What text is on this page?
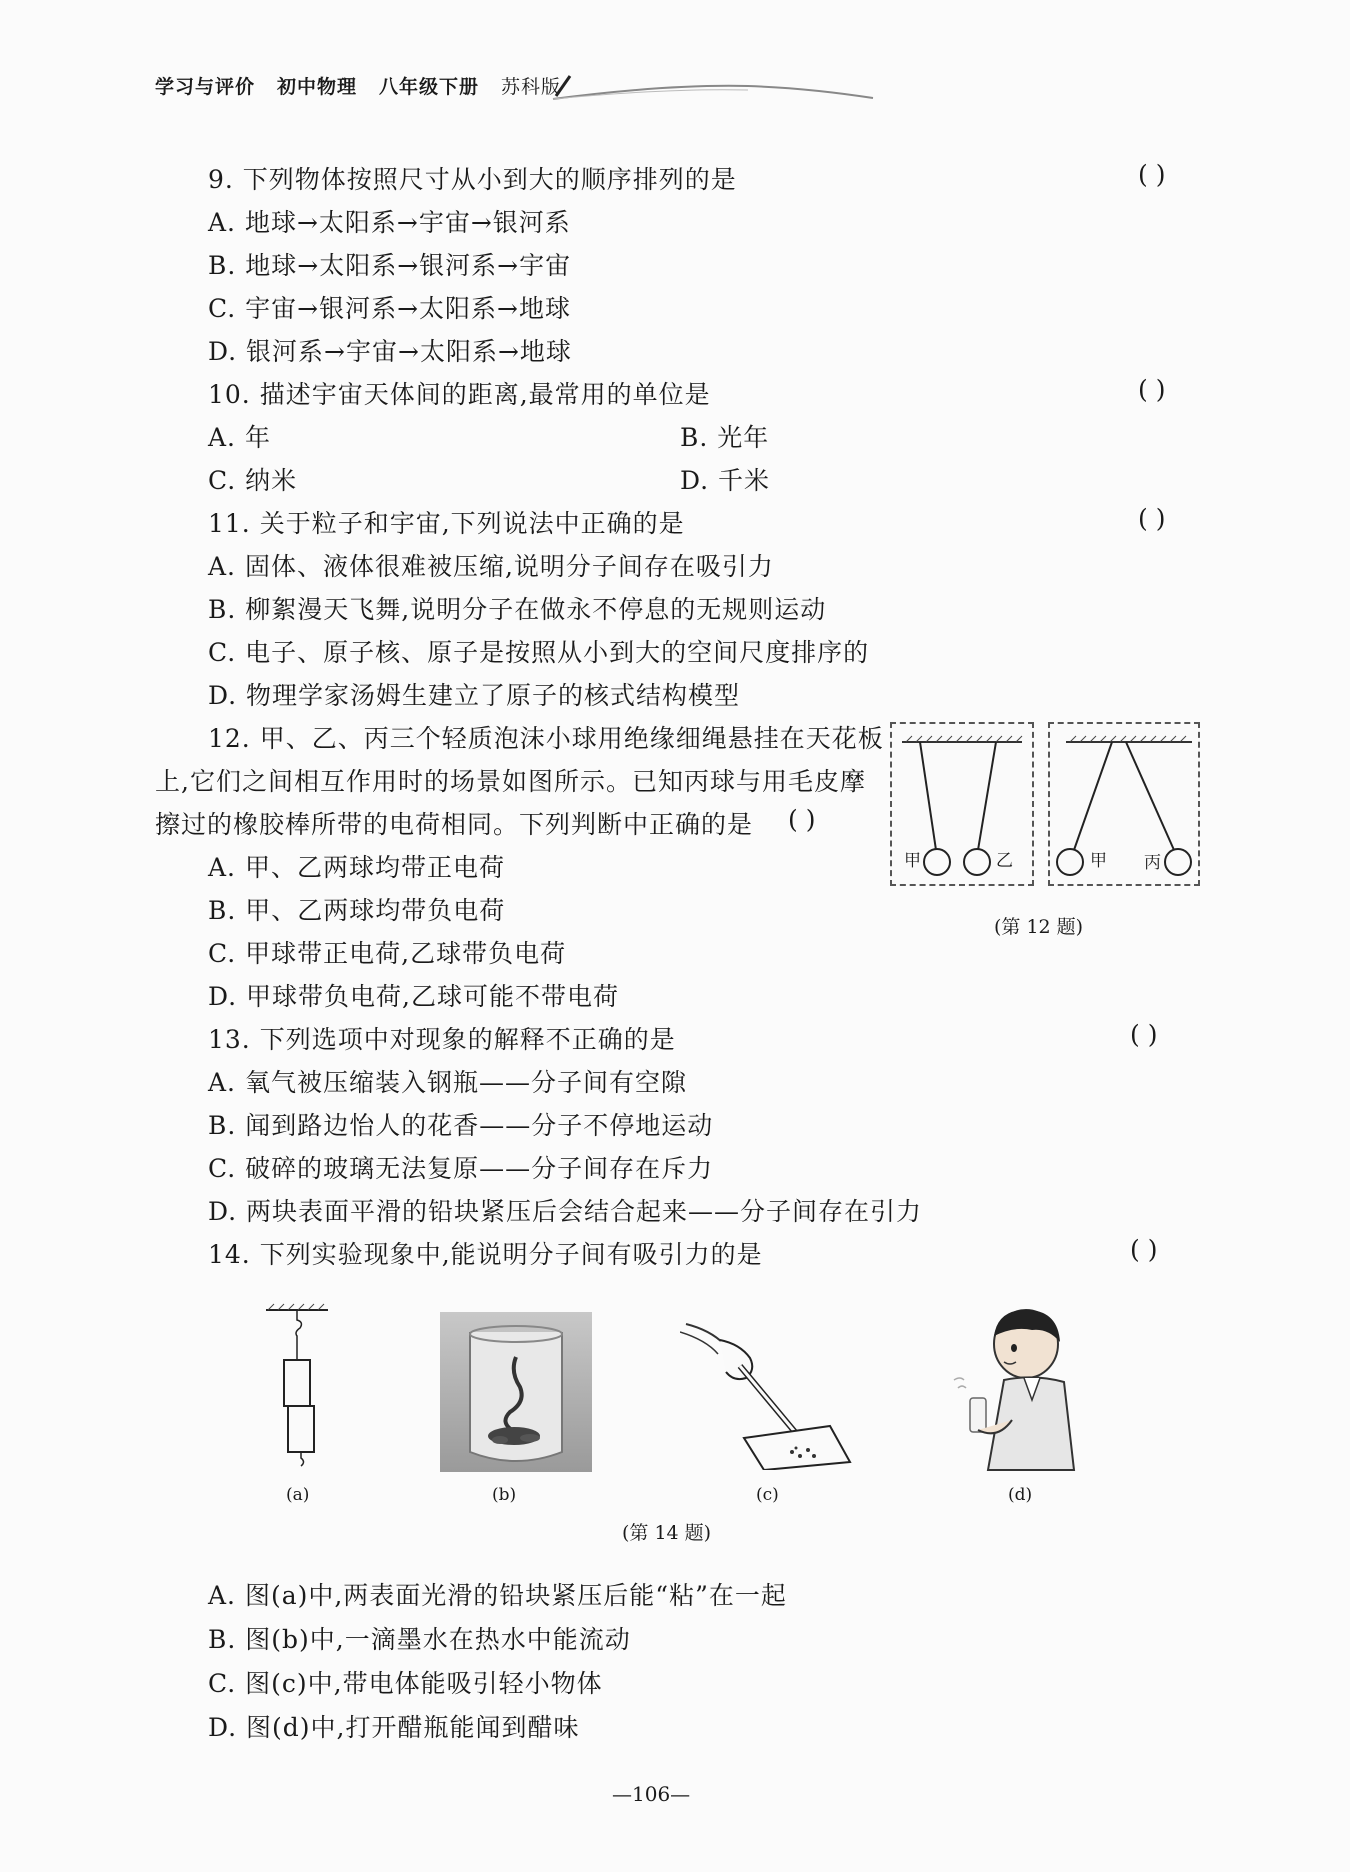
学习与评价 初中物理 八年级下册 苏科版
9. 下列物体按照尺寸从小到大的顺序排列的是	( )
A. 地球→太阳系→宇宙→银河系
B. 地球→太阳系→银河系→宇宙
C. 宇宙→银河系→太阳系→地球
D. 银河系→宇宙→太阳系→地球
10. 描述宇宙天体间的距离,最常用的单位是	( )
A. 年	B. 光年
C. 纳米	D. 千米
11. 关于粒子和宇宙,下列说法中正确的是	( )
A. 固体、液体很难被压缩,说明分子间存在吸引力
B. 柳絮漫天飞舞,说明分子在做永不停息的无规则运动
C. 电子、原子核、原子是按照从小到大的空间尺度排序的
D. 物理学家汤姆生建立了原子的核式结构模型
12. 甲、乙、丙三个轻质泡沫小球用绝缘细绳悬挂在天花板
上,它们之间相互作用时的场景如图所示。已知丙球与用毛皮摩
擦过的橡胶棒所带的电荷相同。下列判断中正确的是 ( )
A. 甲、乙两球均带正电荷
B. 甲、乙两球均带负电荷
C. 甲球带正电荷,乙球带负电荷
D. 甲球带负电荷,乙球可能不带电荷
甲	乙	甲 丙
(第 12 题)
13. 下列选项中对现象的解释不正确的是	( )
A. 氧气被压缩装入钢瓶——分子间有空隙
B. 闻到路边怡人的花香——分子不停地运动
C. 破碎的玻璃无法复原——分子间存在斥力
D. 两块表面平滑的铅块紧压后会结合起来——分子间存在引力
14. 下列实验现象中,能说明分子间有吸引力的是	( )
(a)	(b)	(c)	(d)
(第 14 题)
A. 图(a)中,两表面光滑的铅块紧压后能“粘”在一起
B. 图(b)中,一滴墨水在热水中能流动
C. 图(c)中,带电体能吸引轻小物体
D. 图(d)中,打开醋瓶能闻到醋味
—106—
